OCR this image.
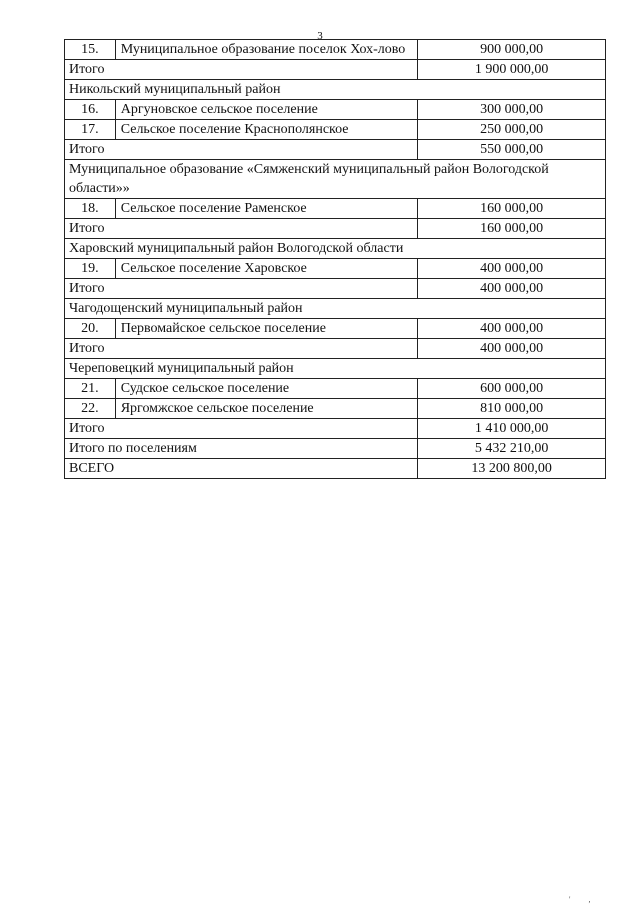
3
15.	Муниципальное образование поселок Хох-лово	900 000,00
Итого		1 900 000,00
Никольский муниципальный район		
16.	Аргуновское сельское поселение	300 000,00
17.	Сельское поселение Краснополянское	250 000,00
Итого		550 000,00
Муниципальное образование «Сямженский муниципальный район Вологодской области»»		
18.	Сельское поселение Раменское	160 000,00
Итого		160 000,00
Харовский муниципальный район Вологодской области		
19.	Сельское поселение Харовское	400 000,00
Итого		400 000,00
Чагодощенский муниципальный район		
20.	Первомайское сельское поселение	400 000,00
Итого		400 000,00
Череповецкий муниципальный район		
21.	Судское сельское поселение	600 000,00
22.	Яргомжское сельское поселение	810 000,00
Итого		1 410 000,00
Итого по поселениям		5 432 210,00
ВСЕГО		13 200 800,00
' ,
